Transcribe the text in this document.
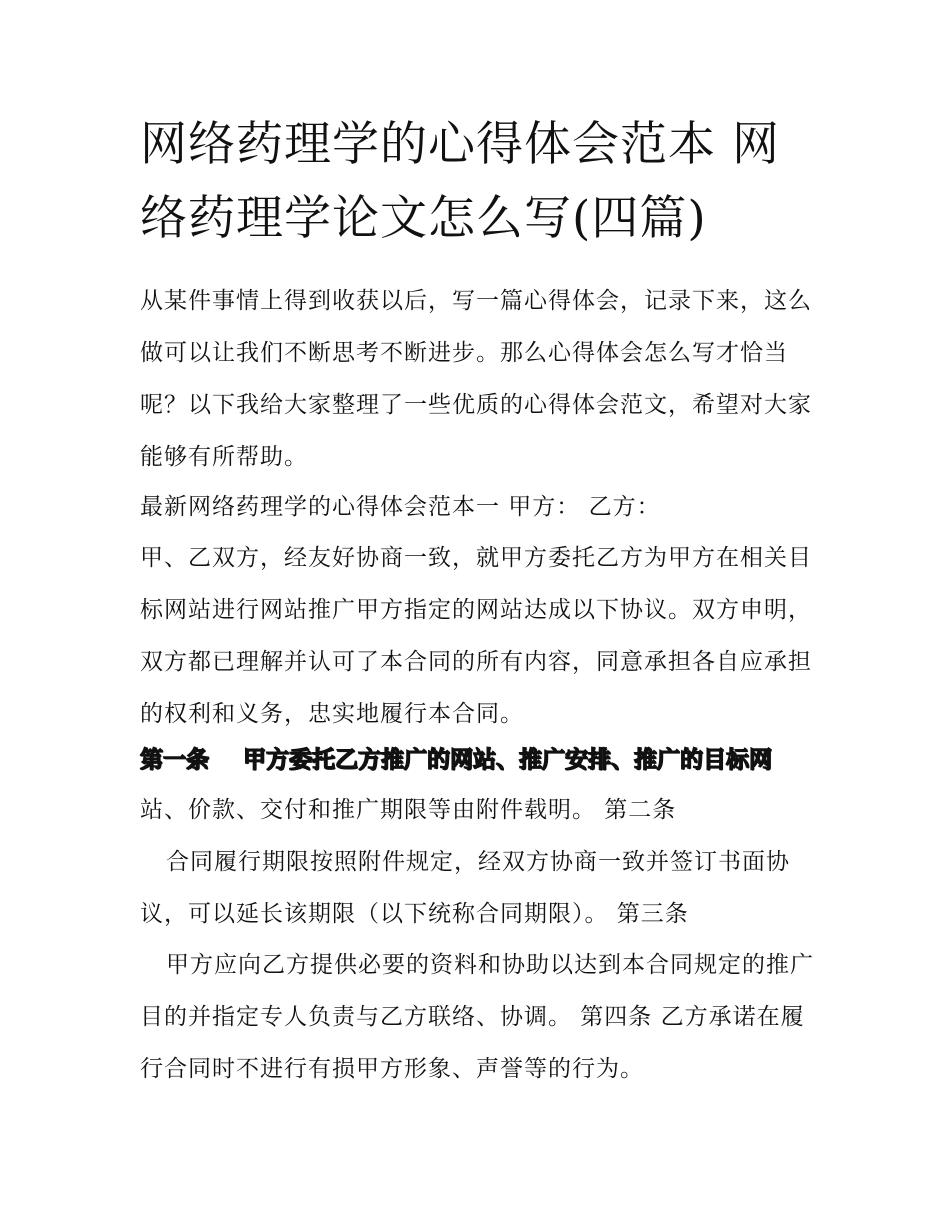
网络药理学的心得体会范本 网络药理学论文怎么写(四篇)

从某件事情上得到收获以后，写一篇心得体会，记录下来，这么做可以让我们不断思考不断进步。那么心得体会怎么写才恰当呢？以下我给大家整理了一些优质的心得体会范文，希望对大家能够有所帮助。

最新网络药理学的心得体会范本一 甲方： 乙方：

甲、乙双方，经友好协商一致，就甲方委托乙方为甲方在相关目标网站进行网站推广甲方指定的网站达成以下协议。双方申明，双方都已理解并认可了本合同的所有内容，同意承担各自应承担的权利和义务，忠实地履行本合同。

第一条 甲方委托乙方推广的网站、推广安排、推广的目标网

站、价款、交付和推广期限等由附件载明。 第二条

合同履行期限按照附件规定，经双方协商一致并签订书面协议，可以延长该期限（以下统称合同期限）。 第三条

甲方应向乙方提供必要的资料和协助以达到本合同规定的推广目的并指定专人负责与乙方联络、协调。 第四条 乙方承诺在履行合同时不进行有损甲方形象、声誉等的行为。
